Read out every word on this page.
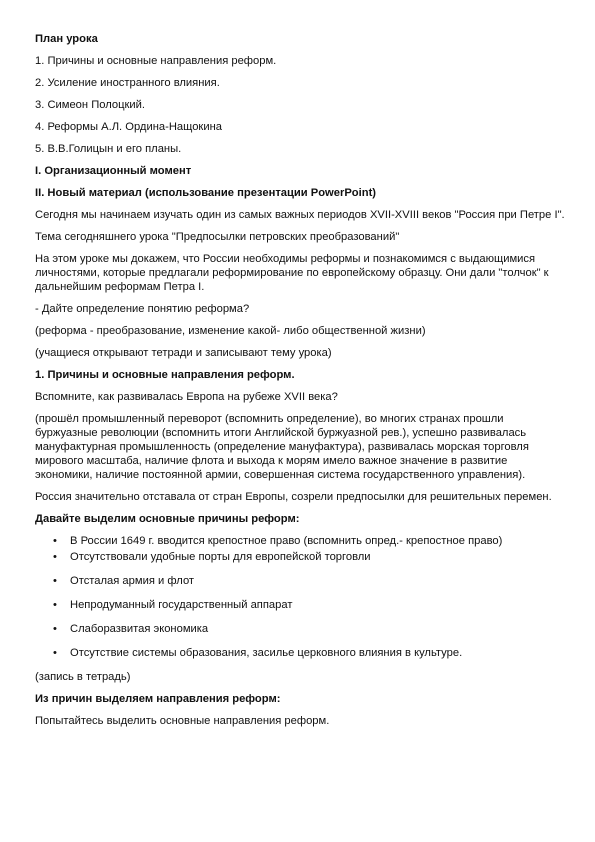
План урока
1. Причины и основные направления реформ.
2. Усиление иностранного влияния.
3. Симеон Полоцкий.
4. Реформы А.Л. Ордина-Нащокина
5. В.В.Голицын и его планы.
I. Организационный момент
II. Новый материал (использование презентации PowerPoint)
Сегодня мы начинаем изучать один из самых важных периодов XVII-XVIII веков "Россия при Петре I".
Тема сегодняшнего урока "Предпосылки петровских преобразований"
На этом уроке мы докажем, что России необходимы реформы и познакомимся с выдающимися личностями, которые предлагали реформирование по европейскому образцу. Они дали "толчок" к дальнейшим реформам Петра I.
- Дайте определение понятию реформа?
(реформа - преобразование, изменение какой- либо общественной жизни)
(учащиеся открывают тетради и записывают тему урока)
1. Причины и основные направления реформ.
Вспомните, как развивалась Европа на рубеже XVII века?
(прошёл промышленный переворот (вспомнить определение), во многих странах прошли буржуазные революции (вспомнить итоги Английской буржуазной рев.), успешно развивалась мануфактурная промышленность (определение мануфактура), развивалась морская торговля мирового масштаба, наличие флота и выхода к морям имело важное значение в развитие экономики, наличие постоянной армии, совершенная система государственного управления).
Россия значительно отставала от стран Европы, созрели предпосылки для решительных перемен.
Давайте выделим основные причины реформ:
• В России 1649 г. вводится крепостное право (вспомнить опред.- крепостное право)
• Отсутствовали удобные порты для европейской торговли
• Отсталая армия и флот
• Непродуманный государственный аппарат
• Слаборазвитая экономика
• Отсутствие системы образования, засилье церковного влияния в культуре.
(запись в тетрадь)
Из причин выделяем направления реформ:
Попытайтесь выделить основные направления реформ.
